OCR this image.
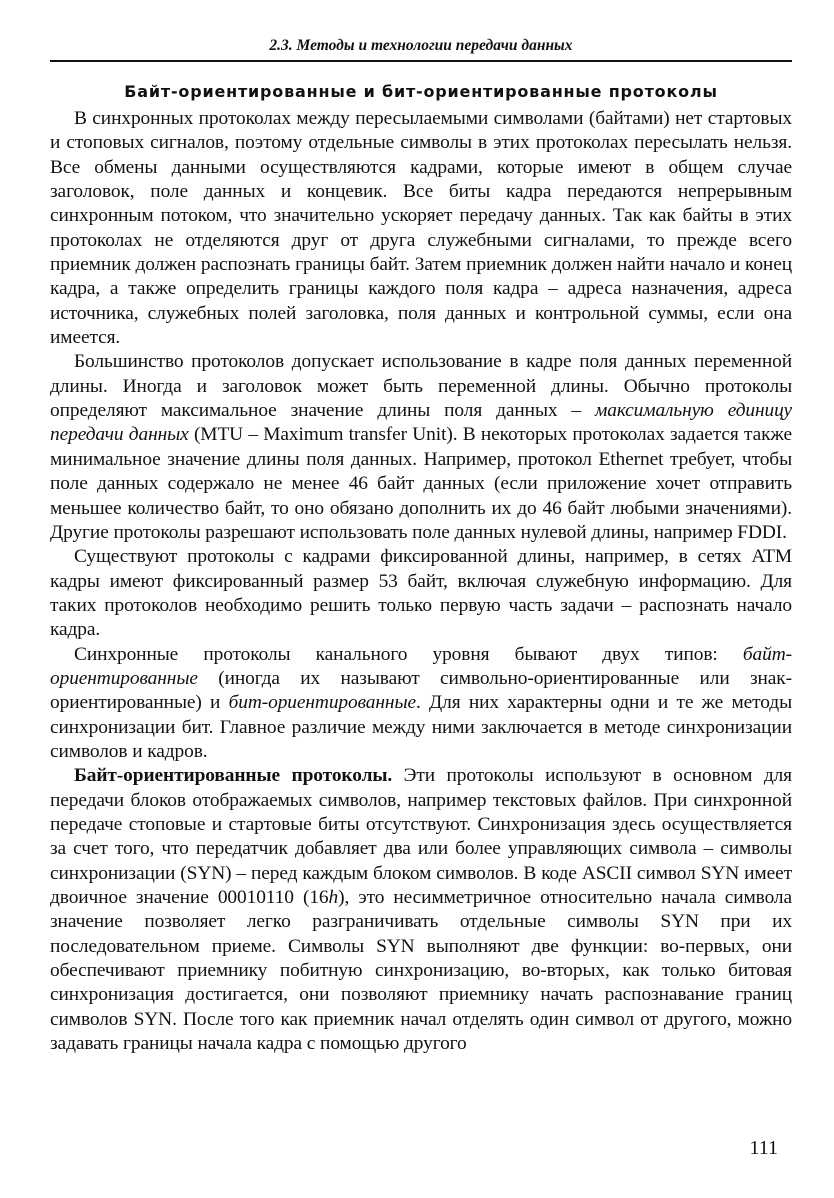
2.3. Методы и технологии передачи данных
Байт-ориентированные и бит-ориентированные протоколы

В синхронных протоколах между пересылаемыми символами (байтами) нет стартовых и стоповых сигналов, поэтому отдельные символы в этих протоколах пересылать нельзя. Все обмены данными осуществляются кадрами, которые имеют в общем случае заголовок, поле данных и концевик. Все биты кадра передаются непрерывным синхронным потоком, что значительно ускоряет передачу данных. Так как байты в этих протоколах не отделяются друг от друга служебными сигналами, то прежде всего приемник должен распознать границы байт. Затем приемник должен найти начало и конец кадра, а также определить границы каждого поля кадра – адреса назначения, адреса источника, служебных полей заголовка, поля данных и контрольной суммы, если она имеется.

Большинство протоколов допускает использование в кадре поля данных переменной длины. Иногда и заголовок может быть переменной длины. Обычно протоколы определяют максимальное значение длины поля данных – максимальную единицу передачи данных (MTU – Maximum transfer Unit). В некоторых протоколах задается также минимальное значение длины поля данных. Например, протокол Ethernet требует, чтобы поле данных содержало не менее 46 байт данных (если приложение хочет отправить меньшее количество байт, то оно обязано дополнить их до 46 байт любыми значениями). Другие протоколы разрешают использовать поле данных нулевой длины, например FDDI.

Существуют протоколы с кадрами фиксированной длины, например, в сетях ATM кадры имеют фиксированный размер 53 байт, включая служебную информацию. Для таких протоколов необходимо решить только первую часть задачи – распознать начало кадра.

Синхронные протоколы канального уровня бывают двух типов: байт-ориентированные (иногда их называют символьно-ориентированные или знак-ориентированные) и бит-ориентированные. Для них характерны одни и те же методы синхронизации бит. Главное различие между ними заключается в методе синхронизации символов и кадров.

Байт-ориентированные протоколы. Эти протоколы используют в основном для передачи блоков отображаемых символов, например текстовых файлов. При синхронной передаче стоповые и стартовые биты отсутствуют. Синхронизация здесь осуществляется за счет того, что передатчик добавляет два или более управляющих символа – символы синхронизации (SYN) – перед каждым блоком символов. В коде ASCII символ SYN имеет двоичное значение 00010110 (16h), это несимметричное относительно начала символа значение позволяет легко разграничивать отдельные символы SYN при их последовательном приеме. Символы SYN выполняют две функции: во-первых, они обеспечивают приемнику побитную синхронизацию, во-вторых, как только битовая синхронизация достигается, они позволяют приемнику начать распознавание границ символов SYN. После того как приемник начал отделять один символ от другого, можно задавать границы начала кадра с помощью другого

111
